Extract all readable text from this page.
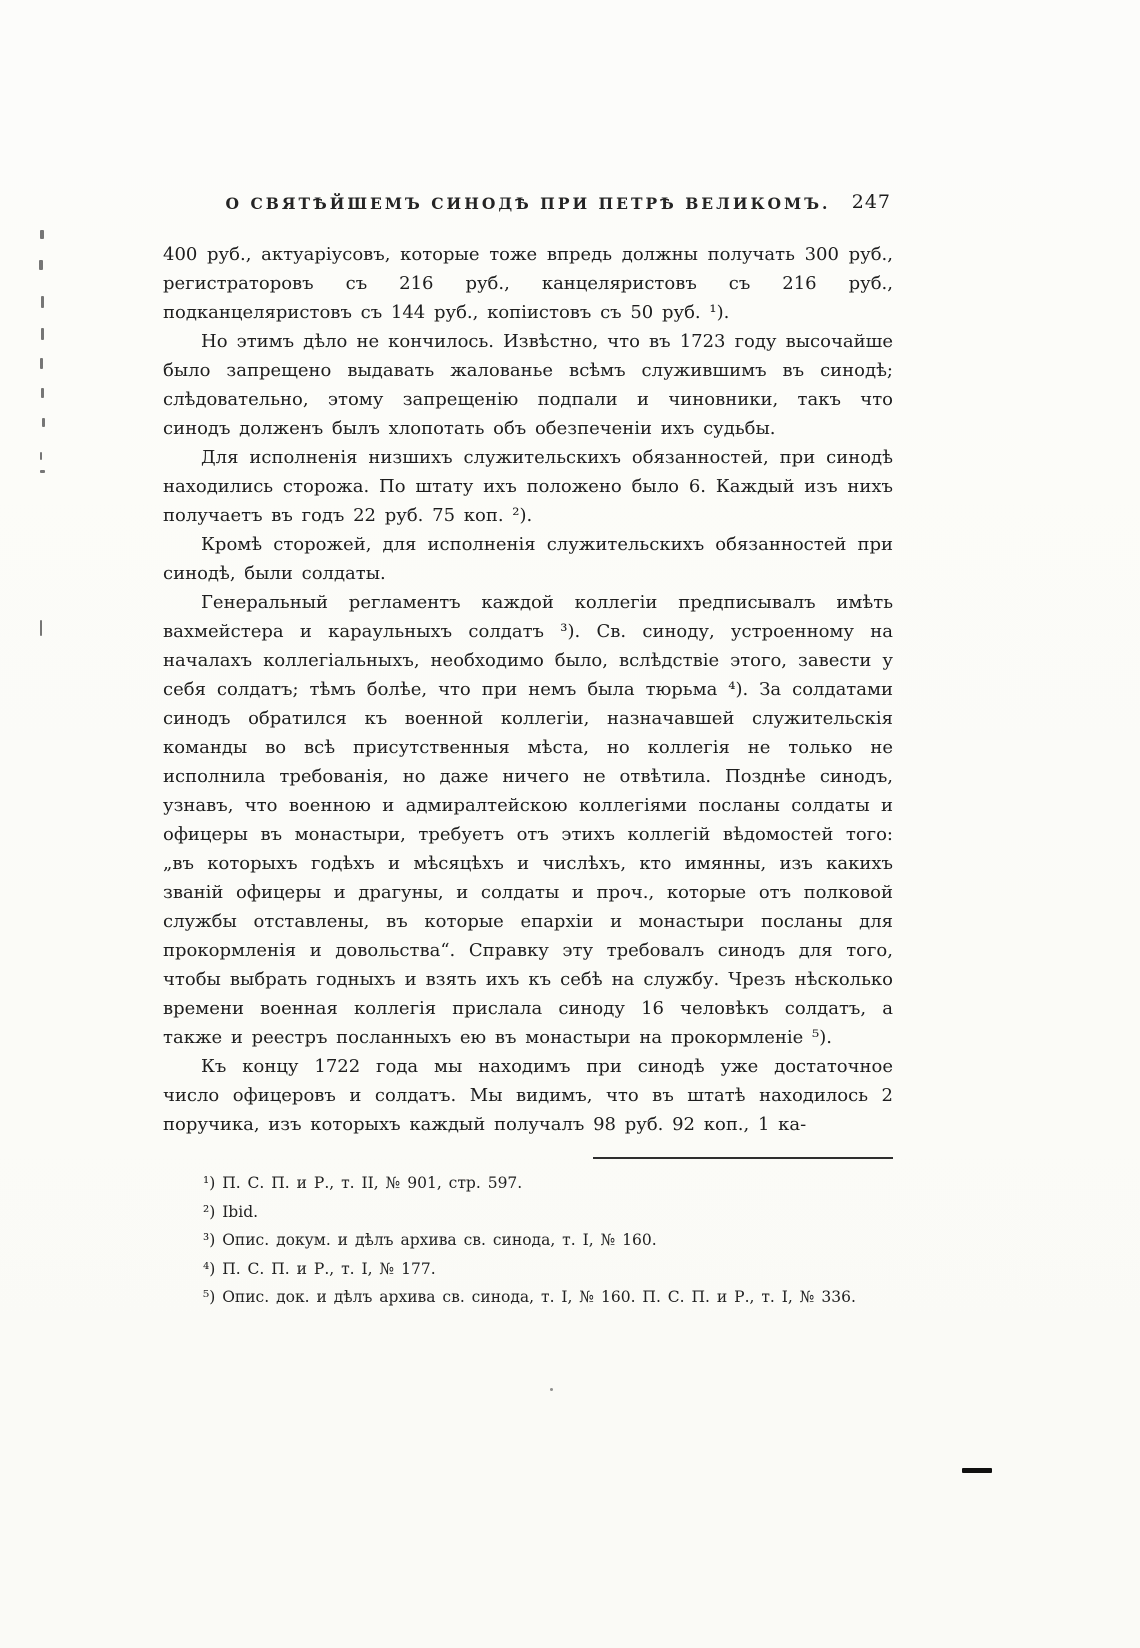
О СВЯТѢЙШЕМЪ СИНОДѢ ПРИ ПЕТРѢ ВЕЛИКОМЪ.	247

400 руб., актуаріусовъ, которые тоже впредь должны получать 300 руб., регистраторовъ съ 216 руб., канцеляристовъ съ 216 руб., подканцеляристовъ съ 144 руб., копіистовъ съ 50 руб. ¹).

Но этимъ дѣло не кончилось. Извѣстно, что въ 1723 году высочайше было запрещено выдавать жалованье всѣмъ служившимъ въ синодѣ; слѣдовательно, этому запрещенію подпали и чиновники, такъ что синодъ долженъ былъ хлопотать объ обезпеченіи ихъ судьбы.

Для исполненія низшихъ служительскихъ обязанностей, при синодѣ находились сторожа. По штату ихъ положено было 6. Каждый изъ нихъ получаетъ въ годъ 22 руб. 75 коп. ²).

Кромѣ сторожей, для исполненія служительскихъ обязанностей при синодѣ, были солдаты.

Генеральный регламентъ каждой коллегіи предписывалъ имѣть вахмейстера и караульныхъ солдатъ ³). Св. синоду, устроенному на началахъ коллегіальныхъ, необходимо было, вслѣдствіе этого, завести у себя солдатъ; тѣмъ болѣе, что при немъ была тюрьма ⁴). За солдатами синодъ обратился къ военной коллегіи, назначавшей служительскія команды во всѣ присутственныя мѣста, но коллегія не только не исполнила требованія, но даже ничего не отвѣтила. Позднѣе синодъ, узнавъ, что военною и адмиралтейскою коллегіями посланы солдаты и офицеры въ монастыри, требуетъ отъ этихъ коллегій вѣдомостей того: „въ которыхъ годѣхъ и мѣсяцѣхъ и числѣхъ, кто имянны, изъ какихъ званій офицеры и драгуны, и солдаты и проч., которые отъ полковой службы отставлены, въ которые епархіи и монастыри посланы для прокормленія и довольства“. Справку эту требовалъ синодъ для того, чтобы выбрать годныхъ и взять ихъ къ себѣ на службу. Чрезъ нѣсколько времени военная коллегія прислала синоду 16 человѣкъ солдатъ, а также и реестръ посланныхъ ею въ монастыри на прокормленіе ⁵).

Къ концу 1722 года мы находимъ при синодѣ уже достаточное число офицеровъ и солдатъ. Мы видимъ, что въ штатѣ находилось 2 поручика, изъ которыхъ каждый получалъ 98 руб. 92 коп., 1 ка-

¹) П. С. П. и Р., т. II, № 901, стр. 597.

²) Ibid.

³) Опис. докум. и дѣлъ архива св. синода, т. I, № 160.

⁴) П. С. П. и Р., т. I, № 177.

⁵) Опис. док. и дѣлъ архива св. синода, т. I, № 160. П. С. П. и Р., т. I, № 336.
